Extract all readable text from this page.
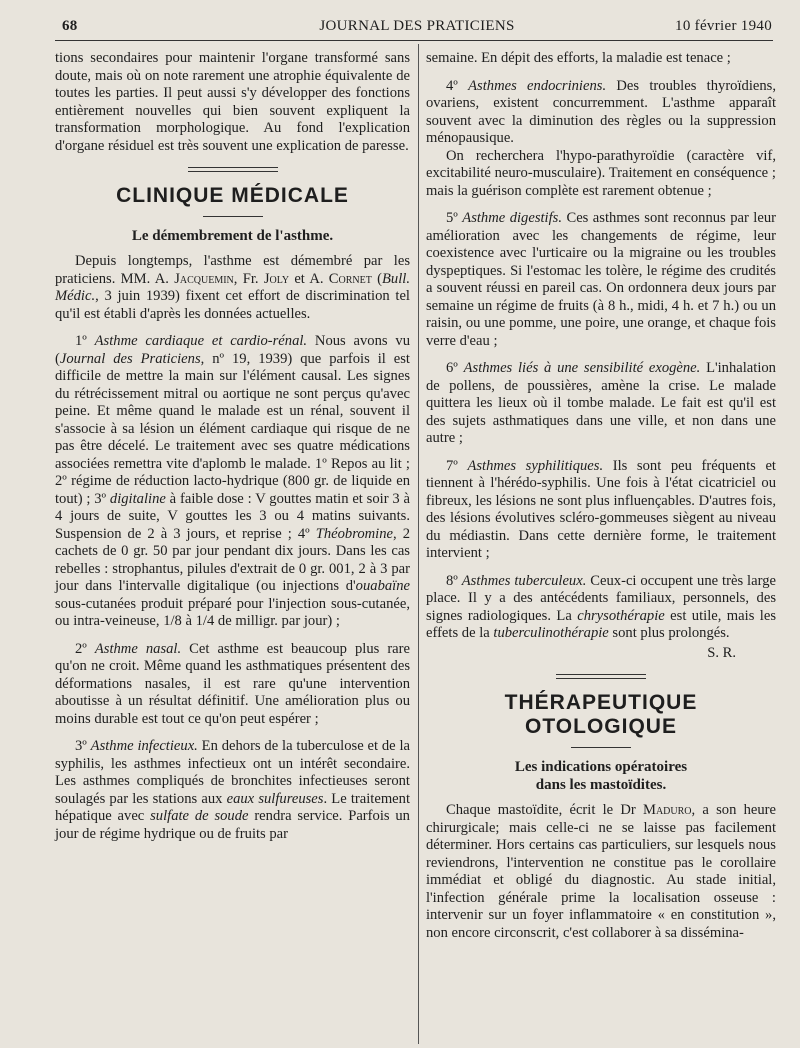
68	JOURNAL DES PRATICIENS	10 février 1940

tions secondaires pour maintenir l'organe transformé sans doute, mais où on note rarement une atrophie équivalente de toutes les parties. Il peut aussi s'y développer des fonctions entièrement nouvelles qui bien souvent expliquent la transformation morphologique. Au fond l'explication d'organe résiduel est très souvent une explication de paresse.

CLINIQUE MÉDICALE
Le démembrement de l'asthme.

Depuis longtemps, l'asthme est démembré par les praticiens. MM. A. Jacquemin, Fr. Joly et A. Cornet (Bull. Médic., 3 juin 1939) fixent cet effort de discrimination tel qu'il est établi d'après les données actuelles.

1º Asthme cardiaque et cardio-rénal. Nous avons vu (Journal des Praticiens, nº 19, 1939) que parfois il est difficile de mettre la main sur l'élément causal. Les signes du rétrécissement mitral ou aortique ne sont perçus qu'avec peine. Et même quand le malade est un rénal, souvent il s'associe à sa lésion un élément cardiaque qui risque de ne pas être décelé. Le traitement avec ses quatre médications associées remettra vite d'aplomb le malade. 1º Repos au lit ; 2º régime de réduction lacto-hydrique (800 gr. de liquide en tout) ; 3º digitaline à faible dose : V gouttes matin et soir 3 à 4 jours de suite, V gouttes les 3 ou 4 matins suivants. Suspension de 2 à 3 jours, et reprise ; 4º Théobromine, 2 cachets de 0 gr. 50 par jour pendant dix jours. Dans les cas rebelles : strophantus, pilules d'extrait de 0 gr. 001, 2 à 3 par jour dans l'intervalle digitalique (ou injections d'ouabaïne sous-cutanées produit préparé pour l'injection sous-cutanée, ou intra-veineuse, 1/8 à 1/4 de milligr. par jour) ;

2º Asthme nasal. Cet asthme est beaucoup plus rare qu'on ne croit. Même quand les asthmatiques présentent des déformations nasales, il est rare qu'une intervention aboutisse à un résultat définitif. Une amélioration plus ou moins durable est tout ce qu'on peut espérer ;

3º Asthme infectieux. En dehors de la tuberculose et de la syphilis, les asthmes infectieux ont un intérêt secondaire. Les asthmes compliqués de bronchites infectieuses seront soulagés par les stations aux eaux sulfureuses. Le traitement hépatique avec sulfate de soude rendra service. Parfois un jour de régime hydrique ou de fruits par

semaine. En dépit des efforts, la maladie est tenace ;

4º Asthmes endocriniens. Des troubles thyroïdiens, ovariens, existent concurremment. L'asthme apparaît souvent avec la diminution des règles ou la suppression ménopausique.

On recherchera l'hypo-parathyroïdie (caractère vif, excitabilité neuro-musculaire). Traitement en conséquence ; mais la guérison complète est rarement obtenue ;

5º Asthme digestifs. Ces asthmes sont reconnus par leur amélioration avec les changements de régime, leur coexistence avec l'urticaire ou la migraine ou les troubles dyspeptiques. Si l'estomac les tolère, le régime des crudités a souvent réussi en pareil cas. On ordonnera deux jours par semaine un régime de fruits (à 8 h., midi, 4 h. et 7 h.) ou un raisin, ou une pomme, une poire, une orange, et chaque fois verre d'eau ;

6º Asthmes liés à une sensibilité exogène. L'inhalation de pollens, de poussières, amène la crise. Le malade quittera les lieux où il tombe malade. Le fait est qu'il est des sujets asthmatiques dans une ville, et non dans une autre ;

7º Asthmes syphilitiques. Ils sont peu fréquents et tiennent à l'hérédo-syphilis. Une fois à l'état cicatriciel ou fibreux, les lésions ne sont plus influençables. D'autres fois, des lésions évolutives scléro-gommeuses siègent au niveau du médiastin. Dans cette dernière forme, le traitement intervient ;

8º Asthmes tuberculeux. Ceux-ci occupent une très large place. Il y a des antécédents familiaux, personnels, des signes radiologiques. La chrysothérapie est utile, mais les effets de la tuberculinothérapie sont plus prolongés.

S. R.

THÉRAPEUTIQUE OTOLOGIQUE
Les indications opératoires
dans les mastoïdites.

Chaque mastoïdite, écrit le Dr Maduro, a son heure chirurgicale; mais celle-ci ne se laisse pas facilement déterminer. Hors certains cas particuliers, sur lesquels nous reviendrons, l'intervention ne constitue pas le corollaire immédiat et obligé du diagnostic. Au stade initial, l'infection générale prime la localisation osseuse : intervenir sur un foyer inflammatoire « en constitution », non encore circonscrit, c'est collaborer à sa dissémina-
